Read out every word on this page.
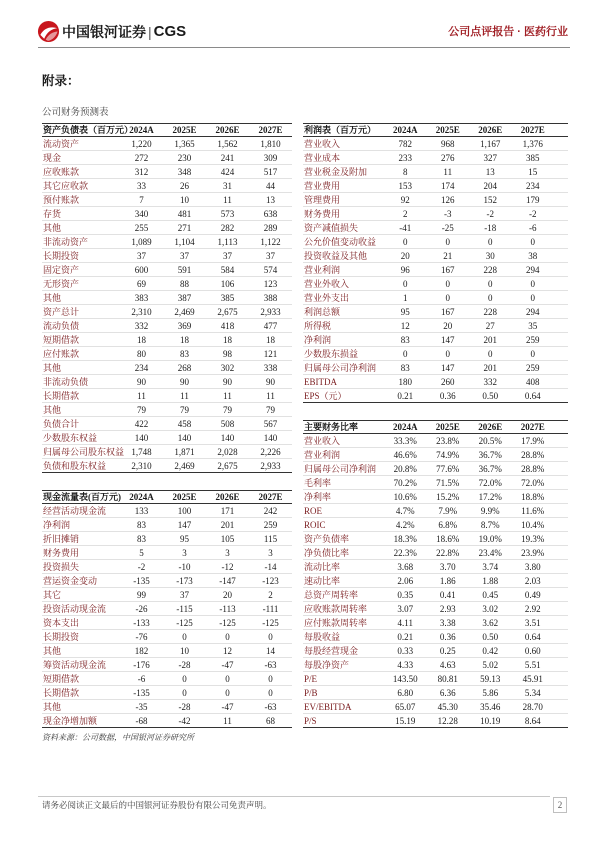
中国银河证券 | CGS	公司点评报告 · 医药行业
附录：
公司财务预测表
资产负债表（百万元）
2024A	2025E	2026E	2027E
流动资产	1,220	1,365	1,562	1,810
现金	272	230	241	309
应收账款	312	348	424	517
其它应收款	33	26	31	44
预付账款	7	10	11	13
存货	340	481	573	638
其他	255	271	282	289
非流动资产	1,089	1,104	1,113	1,122
长期投资	37	37	37	37
固定资产	600	591	584	574
无形资产	69	88	106	123
其他	383	387	385	388
资产总计	2,310	2,469	2,675	2,933
流动负债	332	369	418	477
短期借款	18	18	18	18
应付账款	80	83	98	121
其他	234	268	302	338
非流动负债	90	90	90	90
长期借款	11	11	11	11
其他	79	79	79	79
负债合计	422	458	508	567
少数股东权益	140	140	140	140
归属母公司股东权益 1,748	1,871	2,028	2,226
负债和股东权益	2,310	2,469	2,675	2,933
现金流量表(百万元) 2024A	2025E	2026E	2027E
经营活动现金流	133	100	171	242
净利润	83	147	201	259
折旧摊销	83	95	105	115
财务费用	5	3	3	3
投资损失	-2	-10	-12	-14
营运资金变动	-135	-173	-147	-123
其它	99	37	20	2
投资活动现金流	-26	-115	-113	-111
资本支出	-133	-125	-125	-125
长期投资	-76	0	0	0
其他	182	10	12	14
筹资活动现金流	-176	-28	-47	-63
短期借款	-6	0	0	0
长期借款	-135	0	0	0
其他	-35	-28	-47	-63
现金净增加额	-68	-42	11	68
利润表（百万元）	2024A	2025E	2026E	2027E
营业收入	782	968	1,167	1,376
营业成本	233	276	327	385
营业税金及附加	8	11	13	15
营业费用	153	174	204	234
管理费用	92	126	152	179
财务费用	2	-3	-2	-2
资产减值损失	-41	-25	-18	-6
公允价值变动收益	0	0	0	0
投资收益及其他	20	21	30	38
营业利润	96	167	228	294
营业外收入	0	0	0	0
营业外支出	1	0	0	0
利润总额	95	167	228	294
所得税	12	20	27	35
净利润	83	147	201	259
少数股东损益	0	0	0	0
归属母公司净利润	83	147	201	259
EBITDA	180	260	332	408
EPS（元）	0.21	0.36	0.50	0.64
主要财务比率	2024A	2025E	2026E	2027E
营业收入	33.3%	23.8%	20.5%	17.9%
营业利润	46.6%	74.9%	36.7%	28.8%
归属母公司净利润	20.8%	77.6%	36.7%	28.8%
毛利率	70.2%	71.5%	72.0%	72.0%
净利率	10.6%	15.2%	17.2%	18.8%
ROE	4.7%	7.9%	9.9%	11.6%
ROIC	4.2%	6.8%	8.7%	10.4%
资产负债率	18.3%	18.6%	19.0%	19.3%
净负债比率	22.3%	22.8%	23.4%	23.9%
流动比率	3.68	3.70	3.74	3.80
速动比率	2.06	1.86	1.88	2.03
总资产周转率	0.35	0.41	0.45	0.49
应收账款周转率	3.07	2.93	3.02	2.92
应付账款周转率	4.11	3.38	3.62	3.51
每股收益	0.21	0.36	0.50	0.64
每股经营现金	0.33	0.25	0.42	0.60
每股净资产	4.33	4.63	5.02	5.51
P/E	143.50	80.81	59.13	45.91
P/B	6.80	6.36	5.86	5.34
EV/EBITDA	65.07	45.30	35.46	28.70
P/S	15.19	12.28	10.19	8.64
资料来源：公司数据，中国银河证券研究所
请务必阅读正文最后的中国银河证券股份有限公司免责声明。	2
